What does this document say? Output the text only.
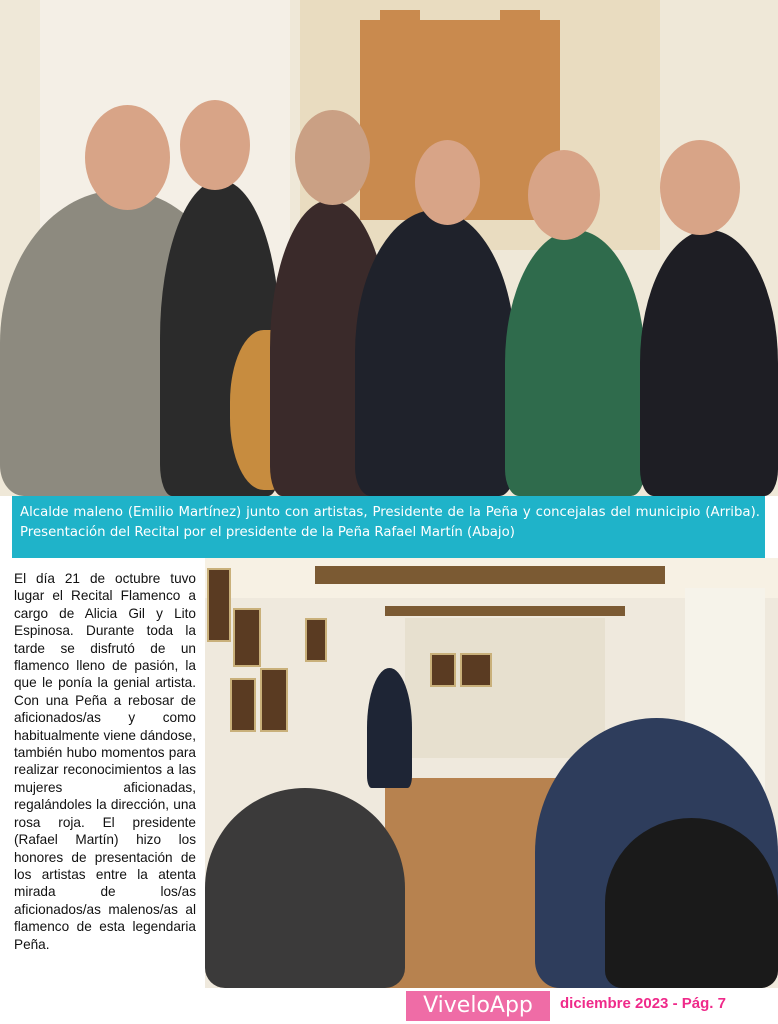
Alcalde maleno (Emilio Martínez) junto con artistas, Presidente de la Peña y concejalas del municipio (Arriba). Presentación del Recital por el presidente de la Peña Rafael Martín (Abajo)

El día 21 de octubre tuvo lugar el Recital Flamenco a cargo de Alicia Gil y Lito Espinosa. Durante toda la tarde se disfrutó de un flamenco lleno de pasión, la que le ponía la genial artista. Con una Peña a rebosar de aficionados/as y como habitualmente viene dándose, también hubo momentos para realizar reconocimientos a las mujeres aficionadas, regalándoles la dirección, una rosa roja. El presidente (Rafael Martín) hizo los honores de presentación de los artistas entre la atenta mirada de los/as aficionados/as malenos/as al flamenco de esta legendaria Peña.

ViveloApp	diciembre 2023 - Pág. 7
